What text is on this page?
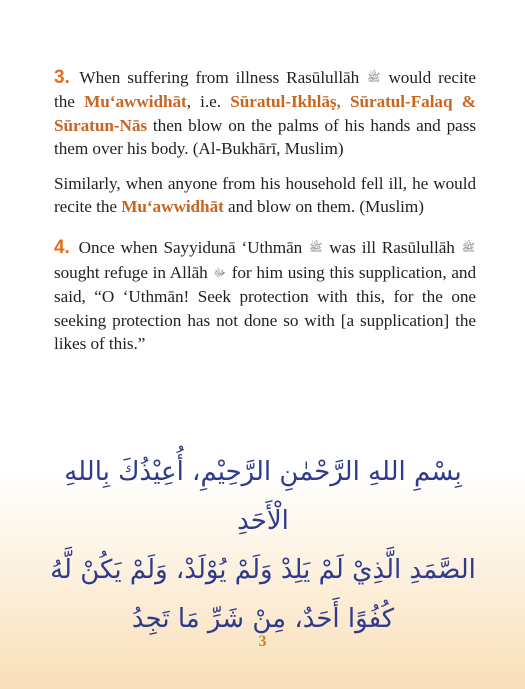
3. When suffering from illness Rasūlullāh ﷺ would recite the Mu‘awwidhāt, i.e. Sūratul-Ikhlāṣ, Sūratul-Falaq & Sūratun-Nās then blow on the palms of his hands and pass them over his body. (Al-Bukhārī, Muslim)

Similarly, when anyone from his household fell ill, he would recite the Mu‘awwidhāt and blow on them. (Muslim)

4. Once when Sayyidunā ‘Uthmān ﷺ was ill Rasūlullāh ﷺ sought refuge in Allāh ﷻ for him using this supplication, and said, “O ‘Uthmān! Seek protection with this, for the one seeking protection has not done so with [a supplication] the likes of this.”

بِسْمِ اللهِ الرَّحْمٰنِ الرَّحِيْمِ، أُعِيْذُكَ بِاللهِ الْأَحَدِ
الصَّمَدِ الَّذِيْ لَمْ يَلِدْ وَلَمْ يُوْلَدْ، وَلَمْ يَكُنْ لَّهُ
كُفُوًا أَحَدٌ، مِنْ شَرِّ مَا تَجِدُ
3
